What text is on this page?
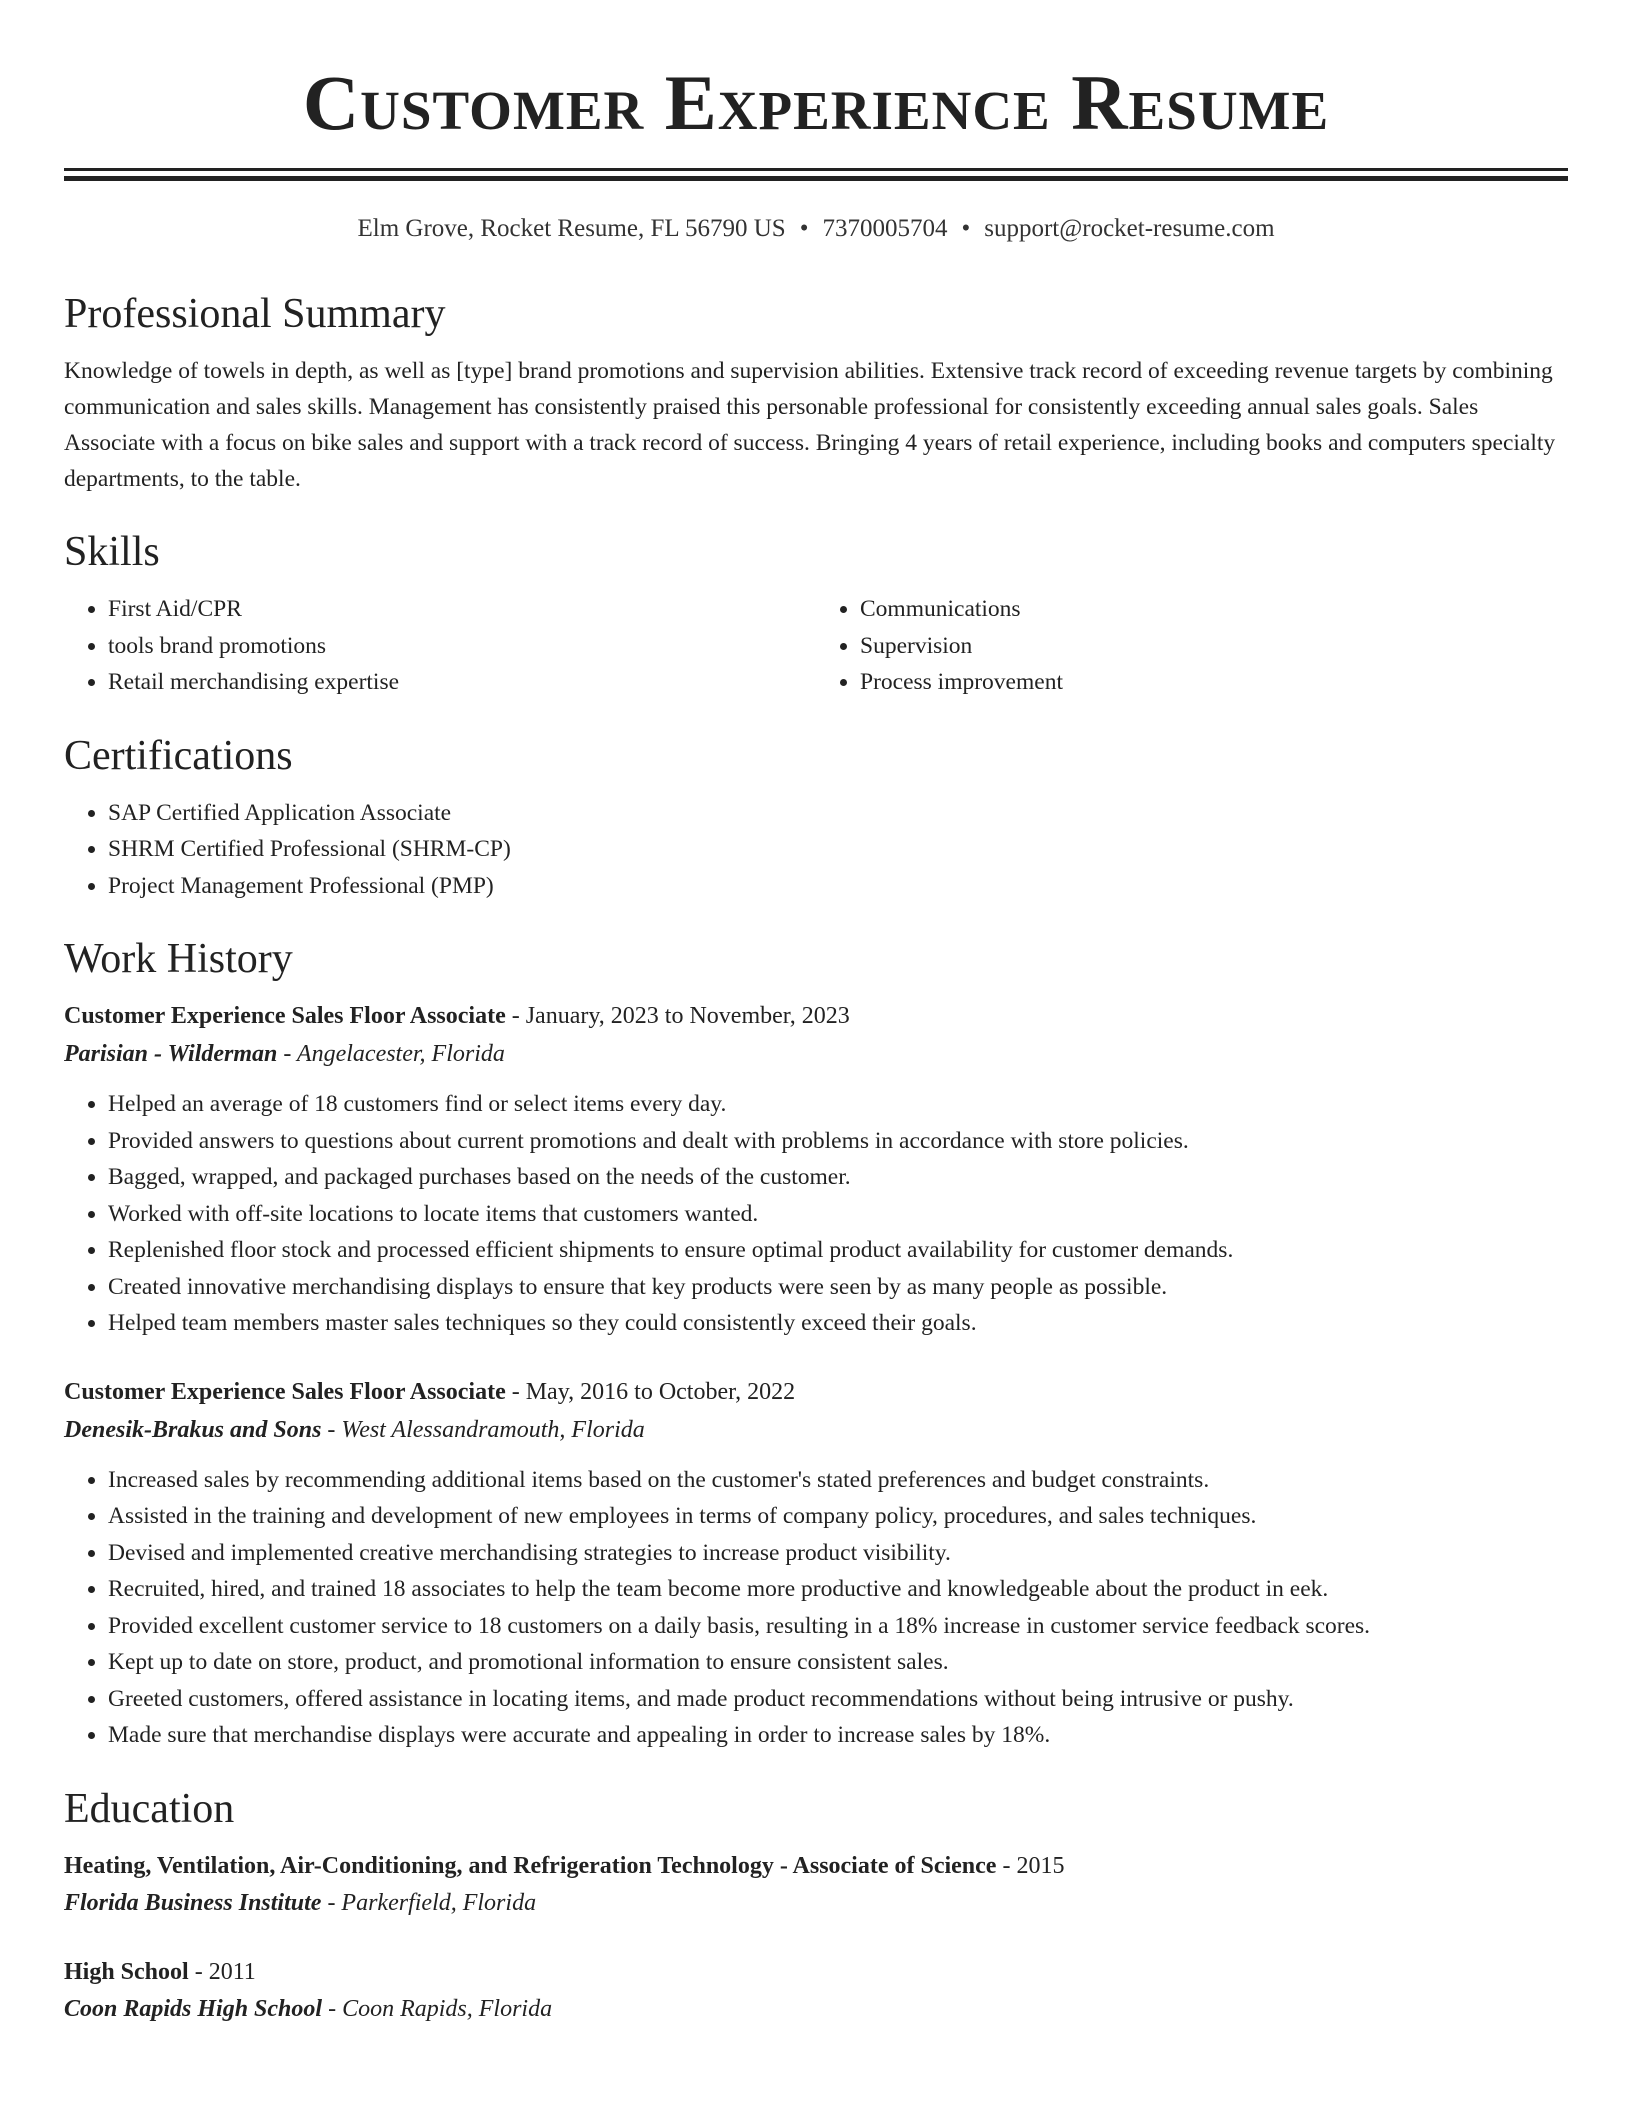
Customer Experience Resume
Elm Grove, Rocket Resume, FL 56790 US • 7370005704 • support@rocket-resume.com
Professional Summary

Knowledge of towels in depth, as well as [type] brand promotions and supervision abilities. Extensive track record of exceeding revenue targets by combining communication and sales skills. Management has consistently praised this personable professional for consistently exceeding annual sales goals. Sales Associate with a focus on bike sales and support with a track record of success. Bringing 4 years of retail experience, including books and computers specialty departments, to the table.

Skills
• First Aid/CPR
• tools brand promotions
• Retail merchandising expertise
• Communications
• Supervision
• Process improvement
Certifications
• SAP Certified Application Associate
• SHRM Certified Professional (SHRM-CP)
• Project Management Professional (PMP)
Work History
Customer Experience Sales Floor Associate - January, 2023 to November, 2023
Parisian - Wilderman - Angelacester, Florida
• Helped an average of 18 customers find or select items every day.
• Provided answers to questions about current promotions and dealt with problems in accordance with store policies.
• Bagged, wrapped, and packaged purchases based on the needs of the customer.
• Worked with off-site locations to locate items that customers wanted.
• Replenished floor stock and processed efficient shipments to ensure optimal product availability for customer demands.
• Created innovative merchandising displays to ensure that key products were seen by as many people as possible.
• Helped team members master sales techniques so they could consistently exceed their goals.
Customer Experience Sales Floor Associate - May, 2016 to October, 2022
Denesik-Brakus and Sons - West Alessandramouth, Florida
• Increased sales by recommending additional items based on the customer's stated preferences and budget constraints.
• Assisted in the training and development of new employees in terms of company policy, procedures, and sales techniques.
• Devised and implemented creative merchandising strategies to increase product visibility.
• Recruited, hired, and trained 18 associates to help the team become more productive and knowledgeable about the product in eek.
• Provided excellent customer service to 18 customers on a daily basis, resulting in a 18% increase in customer service feedback scores.
• Kept up to date on store, product, and promotional information to ensure consistent sales.
• Greeted customers, offered assistance in locating items, and made product recommendations without being intrusive or pushy.
• Made sure that merchandise displays were accurate and appealing in order to increase sales by 18%.
Education
Heating, Ventilation, Air-Conditioning, and Refrigeration Technology - Associate of Science - 2015
Florida Business Institute - Parkerfield, Florida
High School - 2011
Coon Rapids High School - Coon Rapids, Florida
